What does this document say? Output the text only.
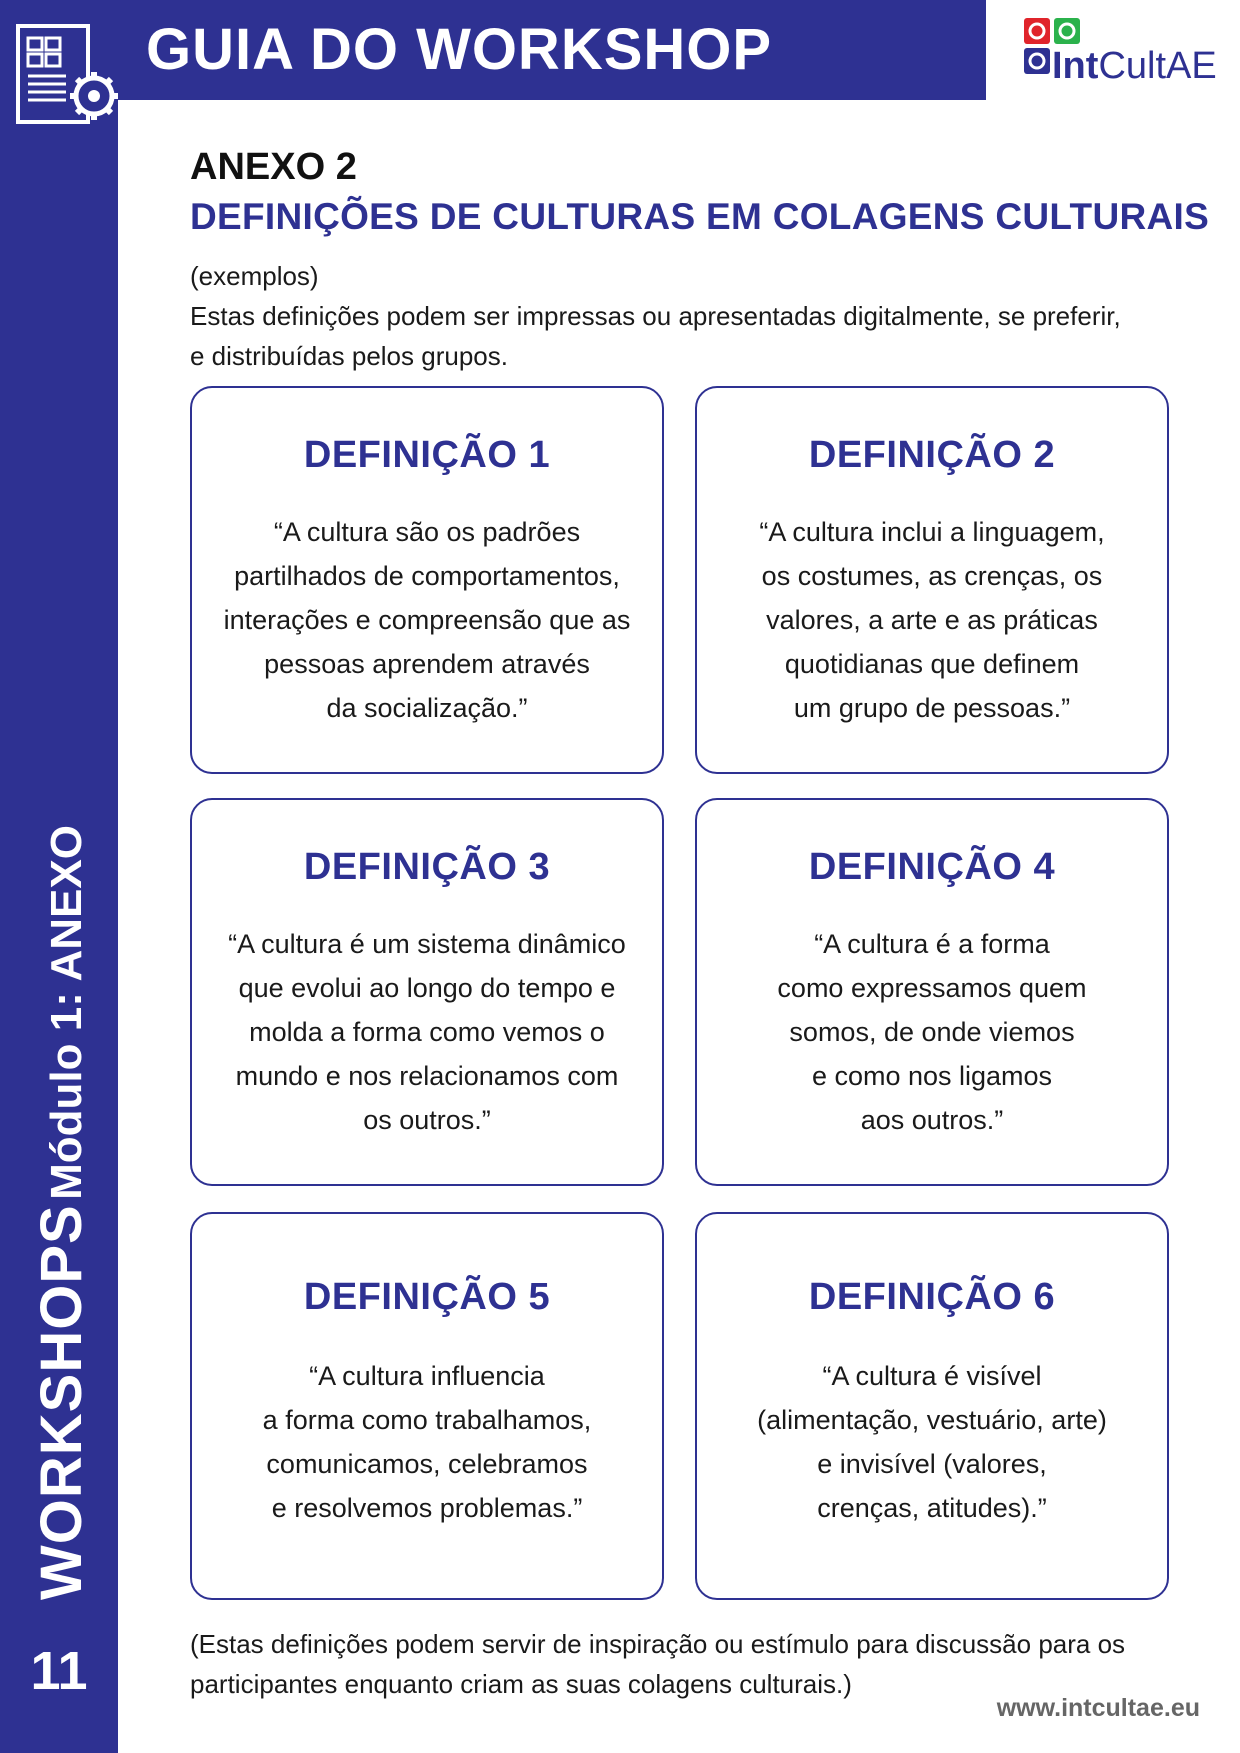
GUIA DO WORKSHOP
WORKSHOPS Módulo 1: ANEXO
11
IntCultAE
ANEXO 2
DEFINIÇÕES DE CULTURAS EM COLAGENS CULTURAIS
(exemplos)
Estas definições podem ser impressas ou apresentadas digitalmente, se preferir,
e distribuídas pelos grupos.
DEFINIÇÃO 1
“A cultura são os padrões
partilhados de comportamentos,
interações e compreensão que as
pessoas aprendem através
da socialização.”
DEFINIÇÃO 2
“A cultura inclui a linguagem,
os costumes, as crenças, os
valores, a arte e as práticas
quotidianas que definem
um grupo de pessoas.”
DEFINIÇÃO 3
“A cultura é um sistema dinâmico
que evolui ao longo do tempo e
molda a forma como vemos o
mundo e nos relacionamos com
os outros.”
DEFINIÇÃO 4
“A cultura é a forma
como expressamos quem
somos, de onde viemos
e como nos ligamos
aos outros.”
DEFINIÇÃO 5
“A cultura influencia
a forma como trabalhamos,
comunicamos, celebramos
e resolvemos problemas.”
DEFINIÇÃO 6
“A cultura é visível
(alimentação, vestuário, arte)
e invisível (valores,
crenças, atitudes).”
(Estas definições podem servir de inspiração ou estímulo para discussão para os
participantes enquanto criam as suas colagens culturais.)
www.intcultae.eu
